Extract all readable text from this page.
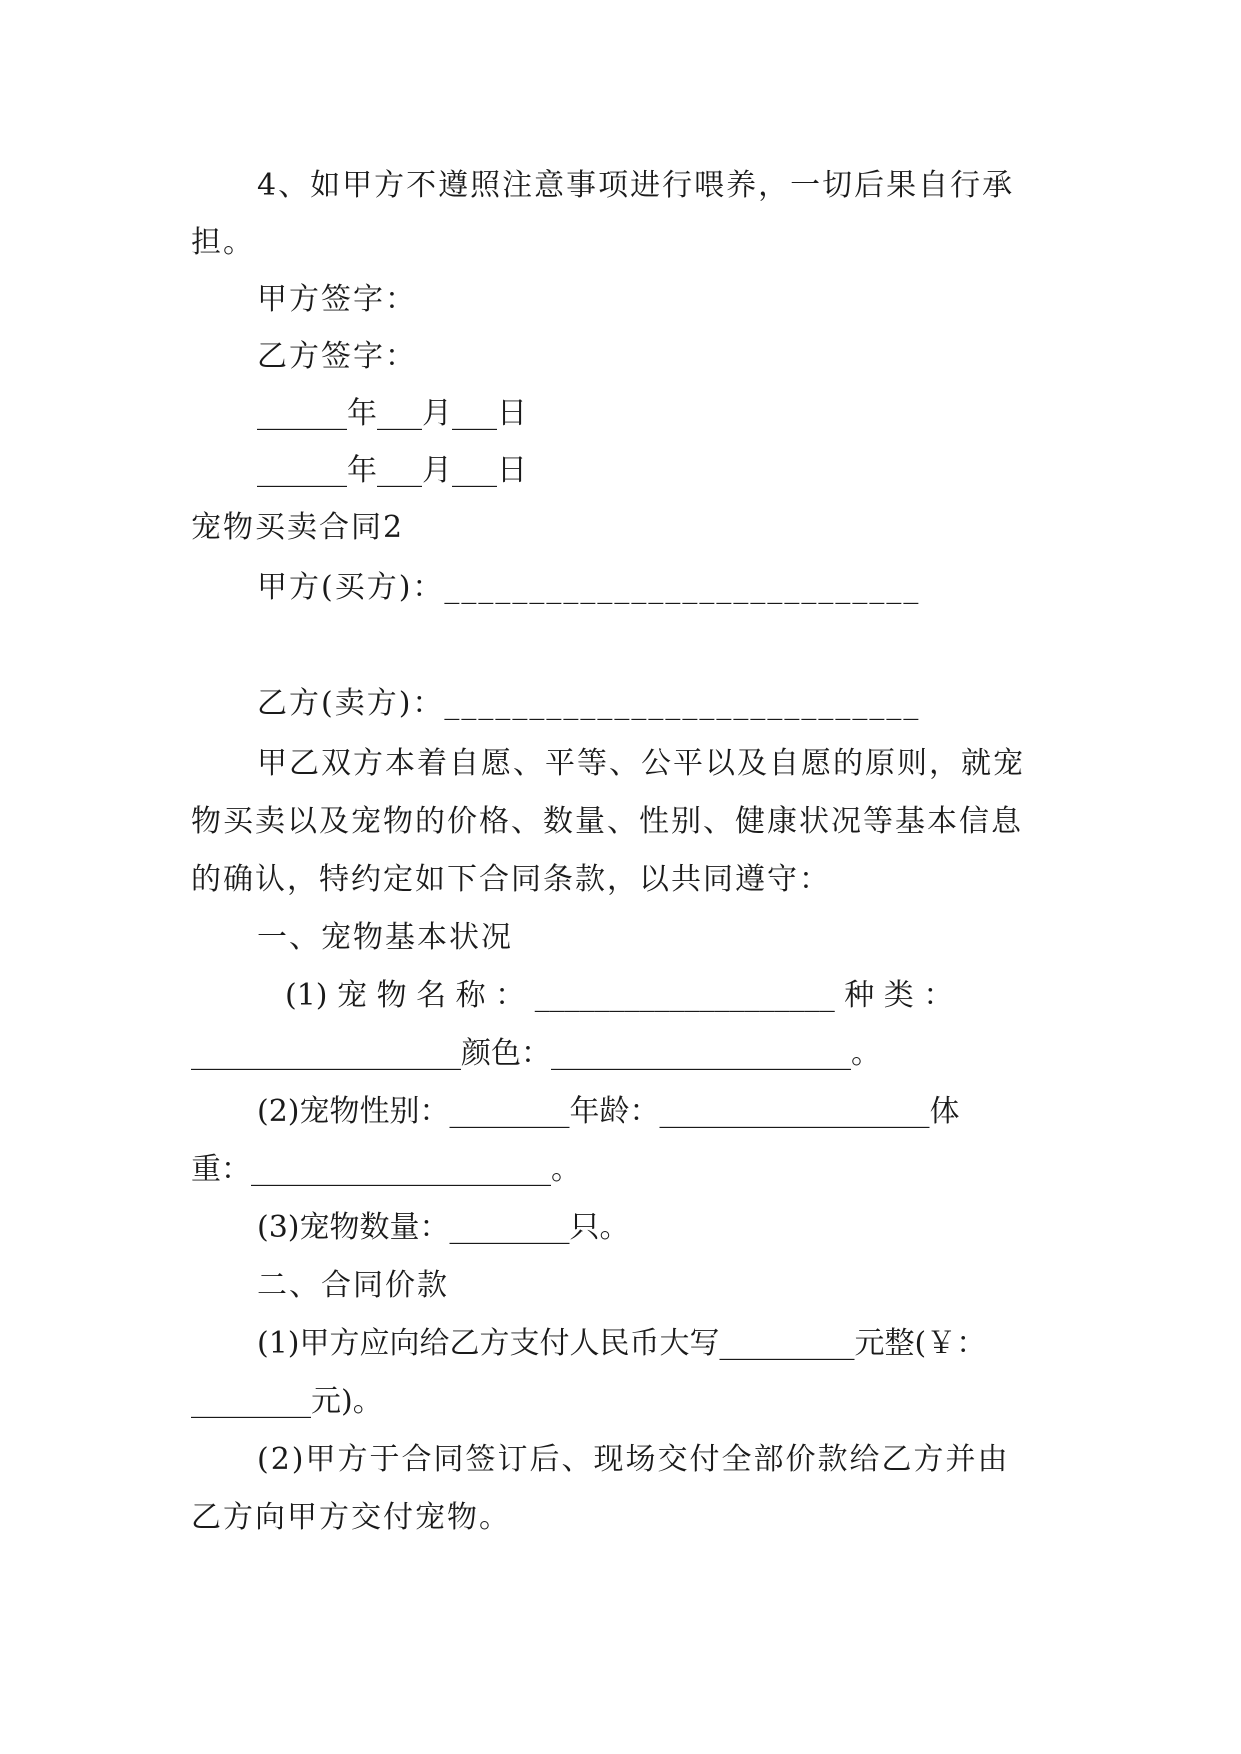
4、如甲方不遵照注意事项进行喂养，一切后果自行承
担。
甲方签字：
乙方签字：
______年___月___日
______年___月___日
宠物买卖合同2
甲方(买方)：____________________________
乙方(卖方)：____________________________
甲乙双方本着自愿、平等、公平以及自愿的原则，就宠
物买卖以及宠物的价格、数量、性别、健康状况等基本信息
的确认，特约定如下合同条款，以共同遵守：
一、宠物基本状况
(1) 宠 物 名 称 ： ____________________ 种 类 ：
__________________颜色：____________________。
(2)宠物性别：________年龄：__________________体
重：____________________。
(3)宠物数量：________只。
二、合同价款
(1)甲方应向给乙方支付人民币大写_________元整(￥：
________元)。
(2)甲方于合同签订后、现场交付全部价款给乙方并由
乙方向甲方交付宠物。
